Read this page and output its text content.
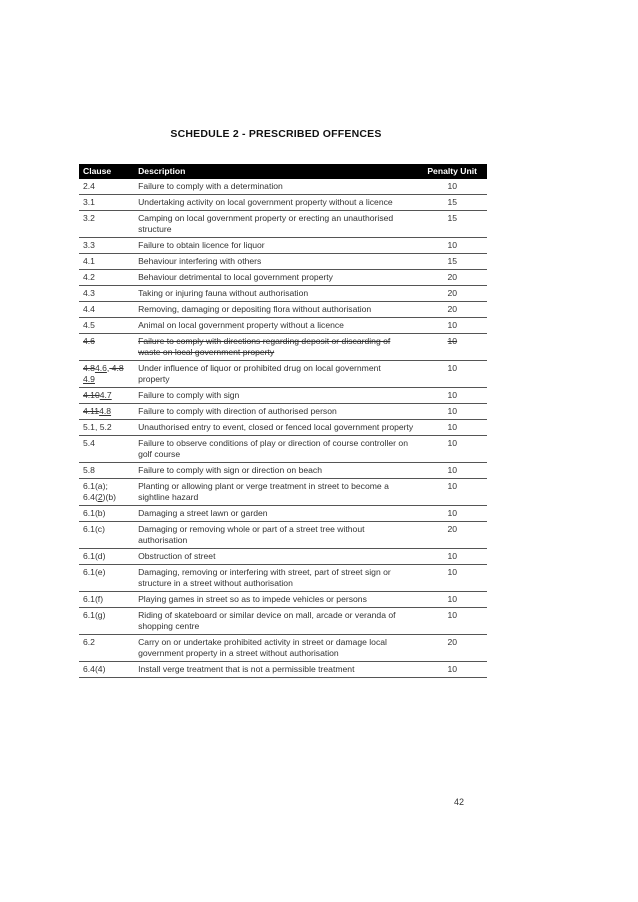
SCHEDULE 2 - PRESCRIBED OFFENCES
Clause	Description	Penalty Unit
2.4	Failure to comply with a determination	10
3.1	Undertaking activity on local government property without a licence	15
3.2	Camping on local government property or erecting an unauthorised structure	15
3.3	Failure to obtain licence for liquor	10
4.1	Behaviour interfering with others	15
4.2	Behaviour detrimental to local government property	20
4.3	Taking or injuring fauna without authorisation	20
4.4	Removing, damaging or depositing flora without authorisation	20
4.5	Animal on local government property without a licence	10
4.6	Failure to comply with directions regarding deposit or discarding of waste on local government property	10
4.84.6, 4.8
4.9	Under influence of liquor or prohibited drug on local government property	10
4.104.7	Failure to comply with sign	10
4.114.8	Failure to comply with direction of authorised person	10
5.1, 5.2	Unauthorised entry to event, closed or fenced local government property	10
5.4	Failure to observe conditions of play or direction of course controller on golf course	10
5.8	Failure to comply with sign or direction on beach	10
6.1(a);
6.4(2)(b)	Planting or allowing plant or verge treatment in street to become a sightline hazard	10
6.1(b)	Damaging a street lawn or garden	10
6.1(c)	Damaging or removing whole or part of a street tree without authorisation	20
6.1(d)	Obstruction of street	10
6.1(e)	Damaging, removing or interfering with street, part of street sign or structure in a street without authorisation	10
6.1(f)	Playing games in street so as to impede vehicles or persons	10
6.1(g)	Riding of skateboard or similar device on mall, arcade or veranda of shopping centre	10
6.2	Carry on or undertake prohibited activity in street or damage local government property in a street without authorisation	20
6.4(4)	Install verge treatment that is not a permissible treatment	10
42
